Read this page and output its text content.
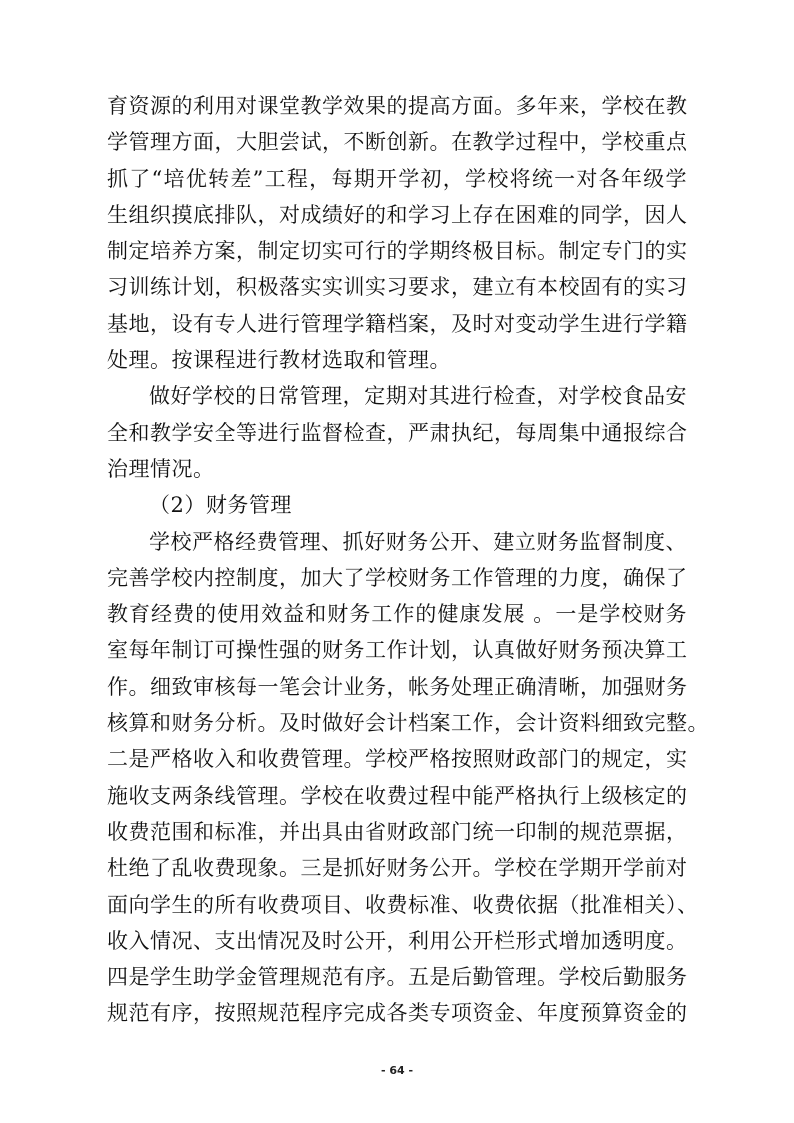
育资源的利用对课堂教学效果的提高方面。多年来，学校在教
学管理方面，大胆尝试，不断创新。在教学过程中，学校重点
抓了“培优转差”工程，每期开学初，学校将统一对各年级学
生组织摸底排队，对成绩好的和学习上存在困难的同学，因人
制定培养方案，制定切实可行的学期终极目标。制定专门的实
习训练计划，积极落实实训实习要求，建立有本校固有的实习
基地，设有专人进行管理学籍档案，及时对变动学生进行学籍
处理。按课程进行教材选取和管理。
做好学校的日常管理，定期对其进行检查，对学校食品安
全和教学安全等进行监督检查，严肃执纪，每周集中通报综合
治理情况。
（2）财务管理
学校严格经费管理、抓好财务公开、建立财务监督制度、
完善学校内控制度，加大了学校财务工作管理的力度，确保了
教育经费的使用效益和财务工作的健康发展 。一是学校财务
室每年制订可操性强的财务工作计划，认真做好财务预决算工
作。细致审核每一笔会计业务，帐务处理正确清晰，加强财务
核算和财务分析。及时做好会计档案工作，会计资料细致完整。
二是严格收入和收费管理。学校严格按照财政部门的规定，实
施收支两条线管理。学校在收费过程中能严格执行上级核定的
收费范围和标准，并出具由省财政部门统一印制的规范票据，
杜绝了乱收费现象。三是抓好财务公开。学校在学期开学前对
面向学生的所有收费项目、收费标准、收费依据（批准相关）、
收入情况、支出情况及时公开，利用公开栏形式增加透明度。
四是学生助学金管理规范有序。五是后勤管理。学校后勤服务
规范有序，按照规范程序完成各类专项资金、年度预算资金的
- 64 -
